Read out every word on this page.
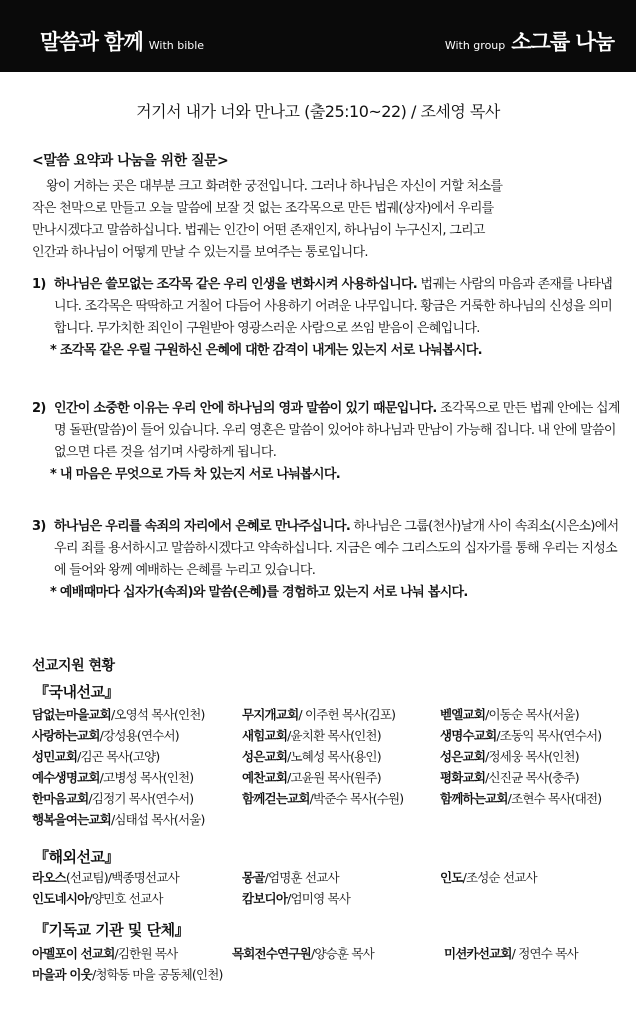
말씀과 함께 With bible	With group 소그룹 나눔
거기서 내가 너와 만나고 (출25:10~22) / 조세영 목사
<말씀 요약과 나눔을 위한 질문>
왕이 거하는 곳은 대부분 크고 화려한 궁전입니다. 그러나 하나님은 자신이 거할 처소를
작은 천막으로 만들고 오늘 말씀에 보잘 것 없는 조각목으로 만든 법궤(상자)에서 우리를
만나시겠다고 말씀하십니다. 법궤는 인간이 어떤 존재인지, 하나님이 누구신지, 그리고
인간과 하나님이 어떻게 만날 수 있는지를 보여주는 통로입니다.
1) 하나님은 쓸모없는 조각목 같은 우리 인생을 변화시켜 사용하십니다. 법궤는 사람의 마음과 존재를 나타냅니다. 조각목은 딱딱하고 거칠어 다듬어 사용하기 어려운 나무입니다. 황금은 거룩한 하나님의 신성을 의미합니다. 무가치한 죄인이 구원받아 영광스러운 사람으로 쓰임 받음이 은혜입니다.
* 조각목 같은 우릴 구원하신 은혜에 대한 감격이 내게는 있는지 서로 나눠봅시다.
2) 인간이 소중한 이유는 우리 안에 하나님의 영과 말씀이 있기 때문입니다. 조각목으로 만든 법궤 안에는 십계명 돌판(말씀)이 들어 있습니다. 우리 영혼은 말씀이 있어야 하나님과 만남이 가능해 집니다. 내 안에 말씀이 없으면 다른 것을 섬기며 사랑하게 됩니다.
* 내 마음은 무엇으로 가득 차 있는지 서로 나눠봅시다.
3) 하나님은 우리를 속죄의 자리에서 은혜로 만나주십니다. 하나님은 그룹(천사)날개 사이 속죄소(시은소)에서 우리 죄를 용서하시고 말씀하시겠다고 약속하십니다. 지금은 예수 그리스도의 십자가를 통해 우리는 지성소에 들어와 왕께 예배하는 은혜를 누리고 있습니다.
* 예배때마다 십자가(속죄)와 말씀(은혜)를 경험하고 있는지 서로 나눠 봅시다.
선교지원 현황
『국내선교』
담없는마을교회/오영석 목사(인천)	무지개교회/ 이주헌 목사(김포)	벧엘교회/이동순 목사(서울)
사랑하는교회/강성용(연수서)	새힘교회/윤치환 목사(인천)	생명수교회/조동익 목사(연수서)
성민교회/김곤 목사(고양)	성은교회/노혜성 목사(용인)	성은교회/정세웅 목사(인천)
예수생명교회/고병성 목사(인천)	예찬교회/고윤원 목사(원주)	평화교회/신진균 목사(충주)
한마음교회/김정기 목사(연수서)	함께걷는교회/박준수 목사(수원)	함께하는교회/조현수 목사(대전)
행복을여는교회/심태섭 목사(서울)
『해외선교』
라오스(선교팀)/백종명선교사	몽골/엄명훈 선교사	인도/조성순 선교사
인도네시아/양민호 선교사	캄보디아/엄미영 목사
『기독교 기관 및 단체』
아멜포이 선교회/김한원 목사	목회전수연구원/양승훈 목사	미션카선교회/ 정연수 목사
마을과 이웃/청학동 마을 공동체(인천)
